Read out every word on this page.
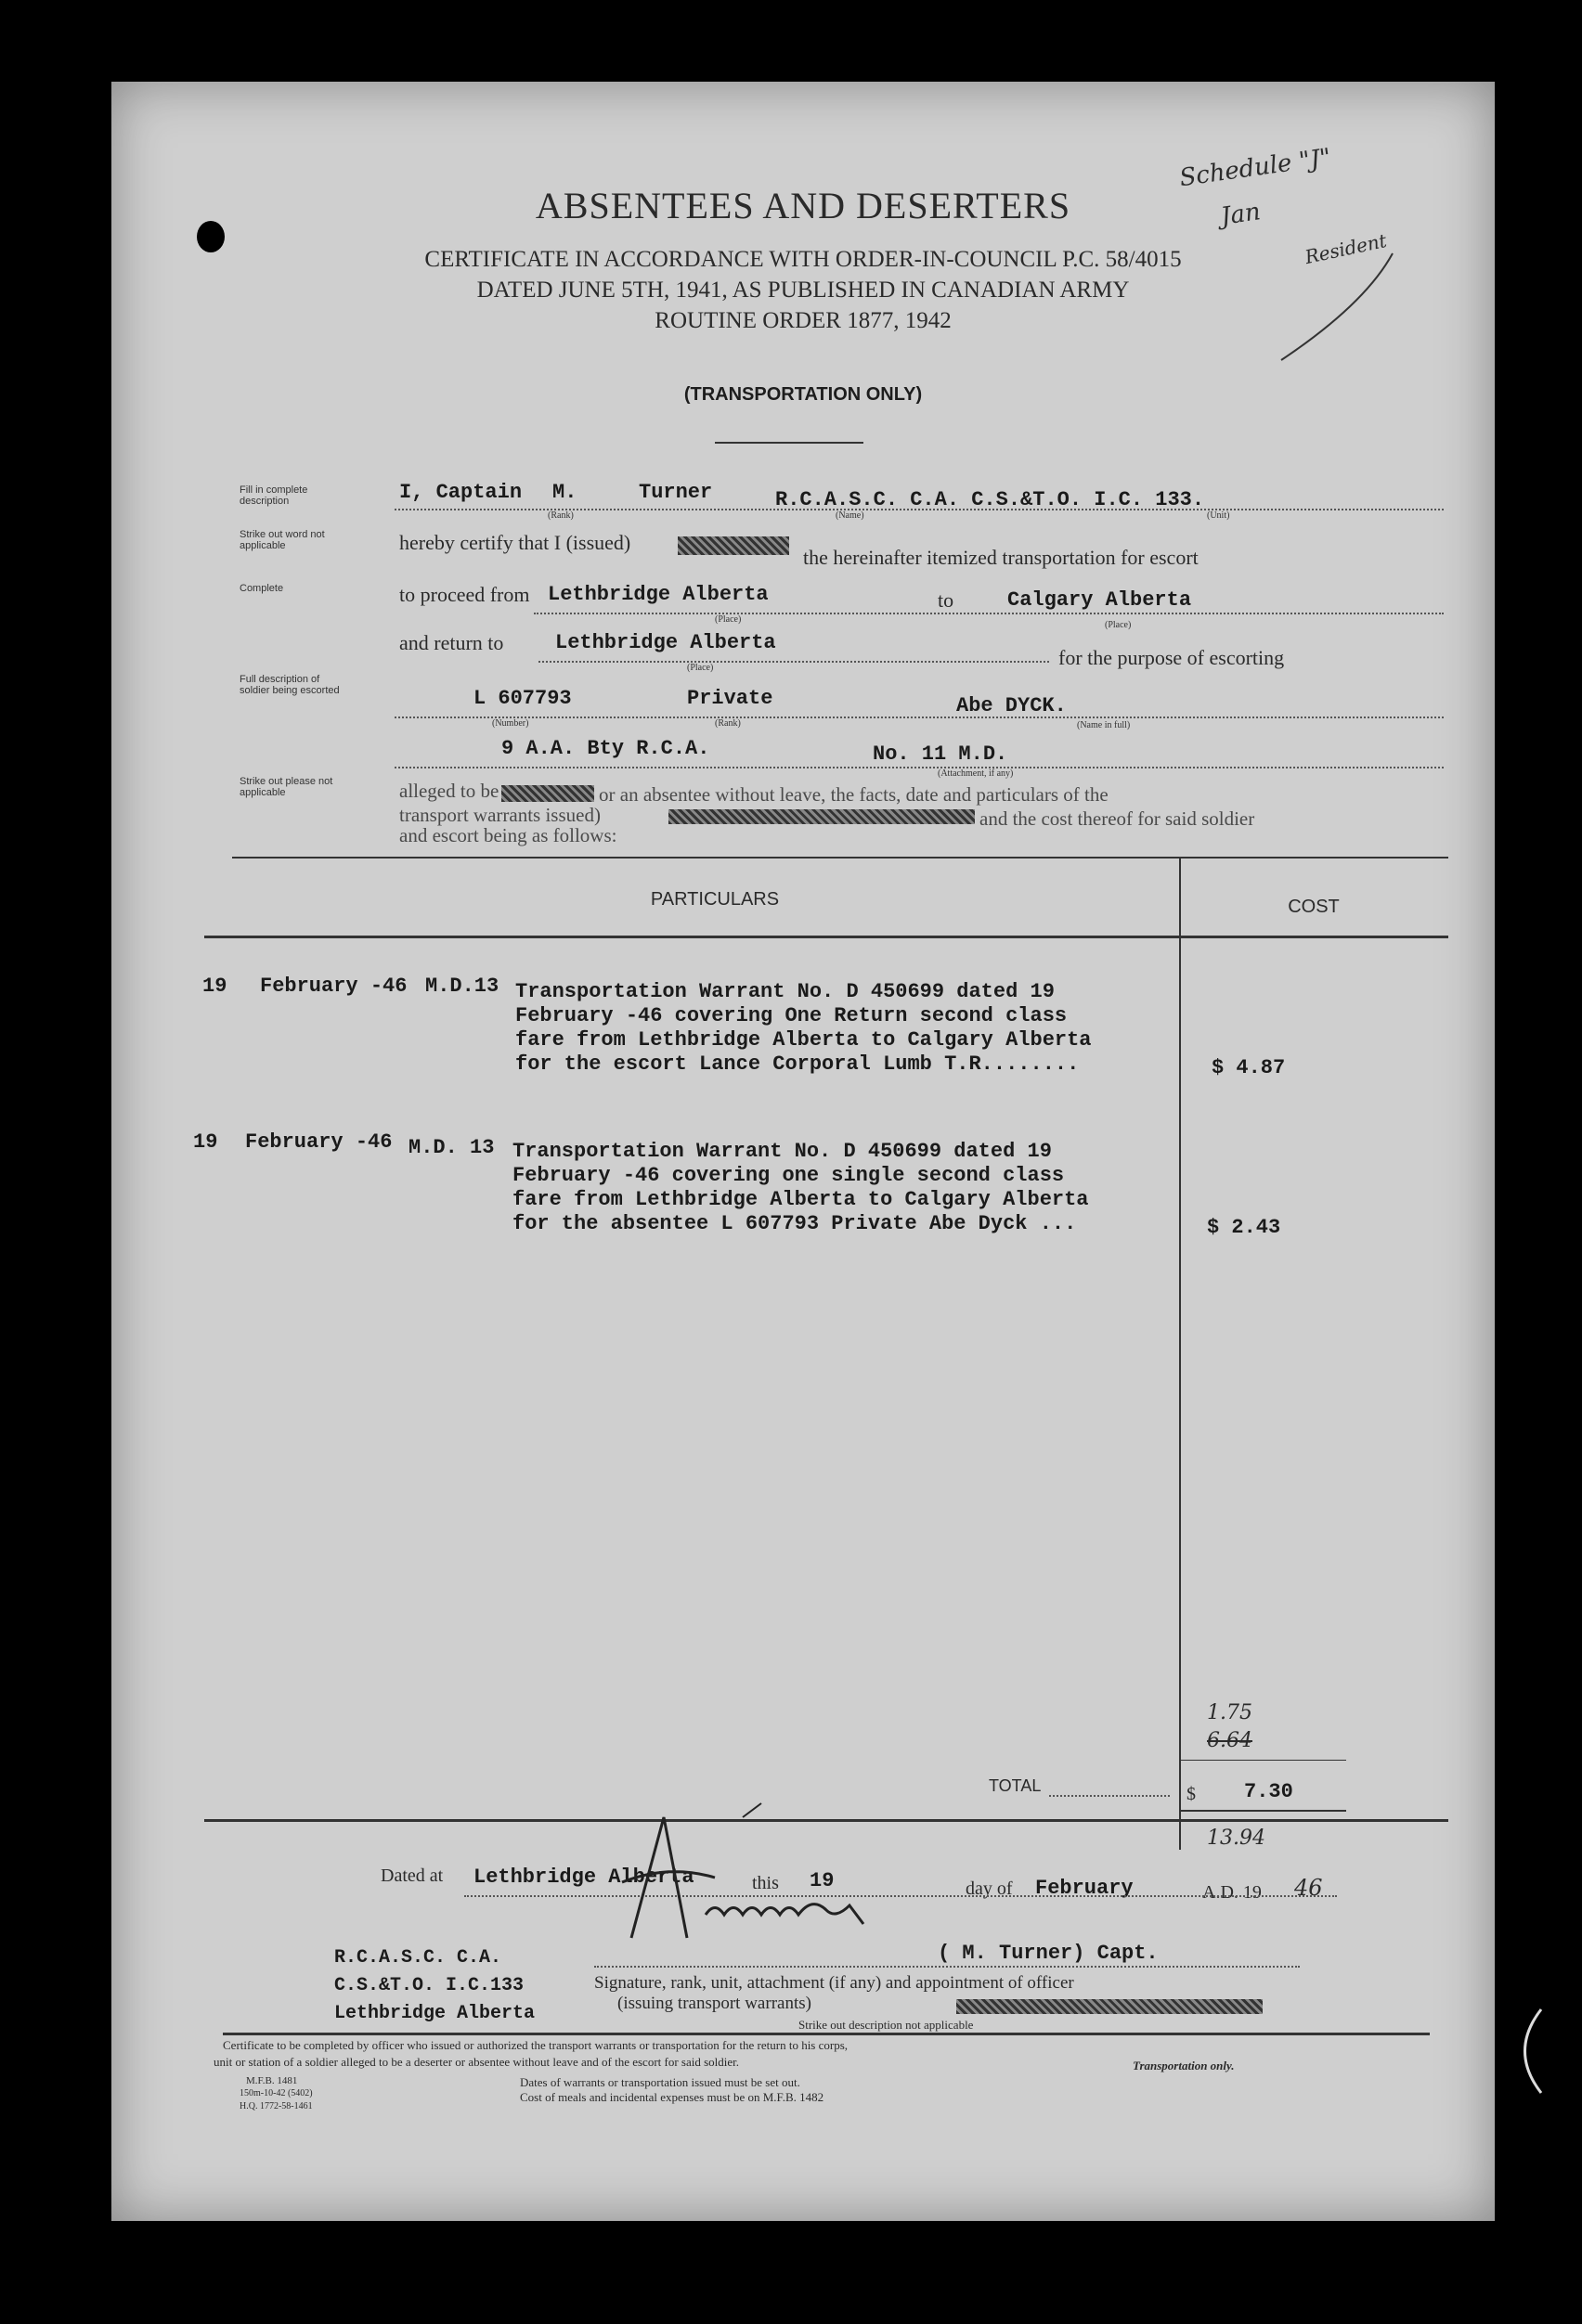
Schedule "J"
Jan
Resident
ABSENTEES AND DESERTERS
CERTIFICATE IN ACCORDANCE WITH ORDER-IN-COUNCIL P.C. 58/4015
DATED JUNE 5TH, 1941, AS PUBLISHED IN CANADIAN ARMY
ROUTINE ORDER 1877, 1942
(TRANSPORTATION ONLY)
Fill in complete description
Strike out word not applicable
Complete
Full description of soldier being escorted
Strike out please not applicable
I, Captain M.	Turner	R.C.A.S.C. C.A. C.S.&T.O. I.C. 133.
(Rank)	(Name)	(Unit)
hereby certify that I (issued)
the hereinafter itemized transportation for escort
to proceed from Lethbridge Alberta	to	Calgary Alberta
(Place)
(Place)
and return to	Lethbridge Alberta
for the purpose of escorting
(Place)
L 607793	Private	Abe DYCK.
(Number)	(Rank)	(Name in full)
9 A.A. Bty R.C.A.	No. 11 M.D.
(Attachment, if any)
alleged to be	or an absentee without leave, the facts, date and particulars of the
transport warrants issued)	and the cost thereof for said soldier
and escort being as follows:
PARTICULARS	COST
19 February -46 M.D.13 Transportation Warrant No. D 450699 dated 19
February -46 covering One Return second class
fare from Lethbridge Alberta to Calgary Alberta
for the escort Lance Corporal Lumb T.R........	$ 4.87
19 February -46 M.D. 13 Transportation Warrant No. D 450699 dated 19
February -46 covering one single second class
fare from Lethbridge Alberta to Calgary Alberta
for the absentee L 607793 Private Abe Dyck ...	$ 2.43
1.75
6.64
13.94
TOTAL	$ 7.30
Dated at Lethbridge Alberta	this 19	day of February	A.D. 19 46
( M. Turner) Capt.
Signature, rank, unit, attachment (if any) and appointment of officer
(issuing transport warrants)
Strike out description not applicable
R.C.A.S.C. C.A.
C.S.&T.O. I.C.133
Lethbridge Alberta
Certificate to be completed by officer who issued or authorized the transport warrants or transportation for the return to his corps,
unit or station of a soldier alleged to be a deserter or absentee without leave and of the escort for said soldier.	Transportation only.
M.F.B. 1481
150m-10-42 (5402)
H.Q. 1772-58-1461
Dates of warrants or transportation issued must be set out.
Cost of meals and incidental expenses must be on M.F.B. 1482
